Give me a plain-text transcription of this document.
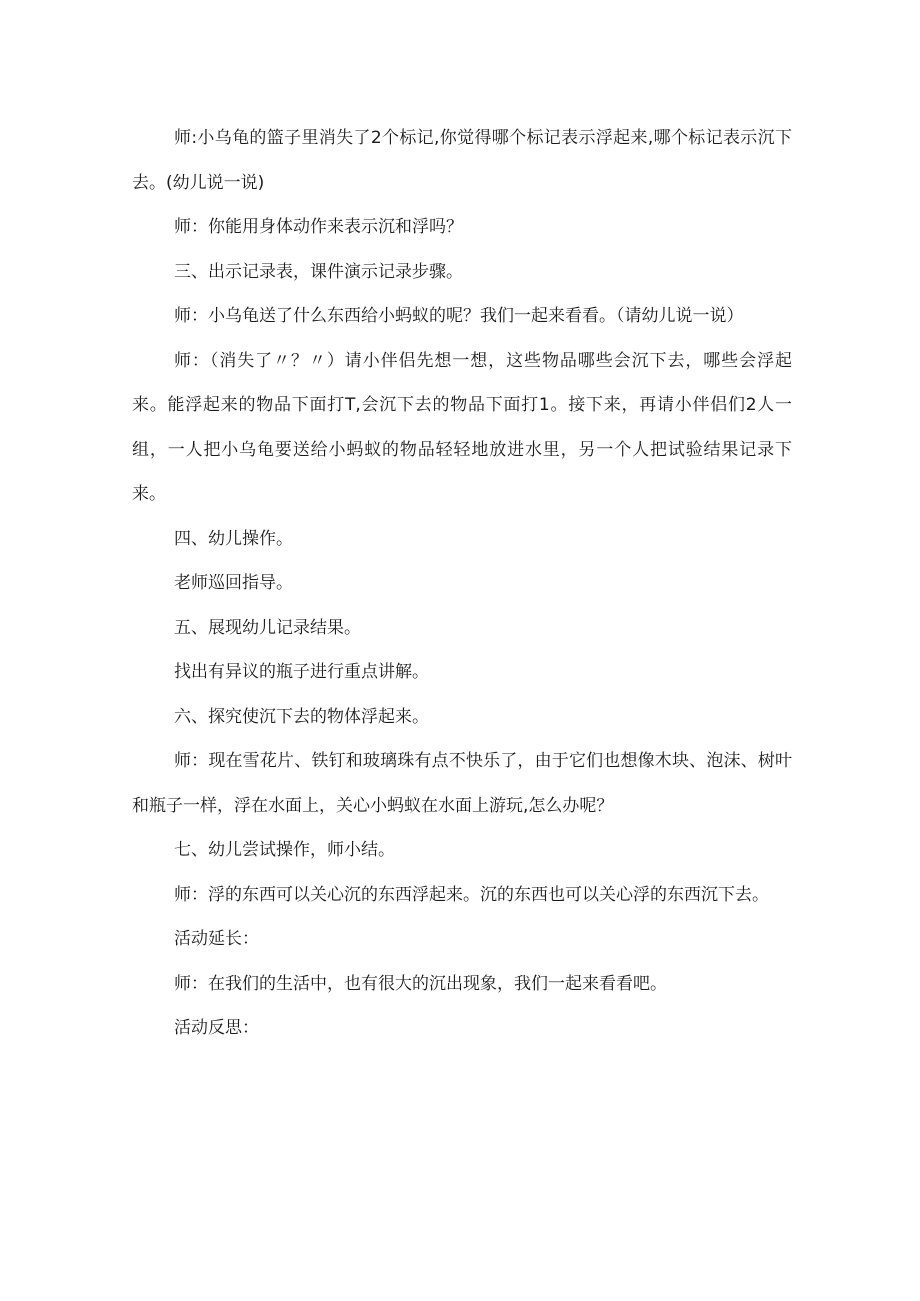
师:小乌龟的篮子里消失了2个标记,你觉得哪个标记表示浮起来,哪个标记表示沉下去。(幼儿说一说)

师：你能用身体动作来表示沉和浮吗？

三、出示记录表，课件演示记录步骤。

师：小乌龟送了什么东西给小蚂蚁的呢？我们一起来看看。（请幼儿说一说）

师：（消失了〃？〃）请小伴侣先想一想，这些物品哪些会沉下去，哪些会浮起来。能浮起来的物品下面打T,会沉下去的物品下面打1。接下来，再请小伴侣们2人一组，一人把小乌龟要送给小蚂蚁的物品轻轻地放进水里，另一个人把试验结果记录下来。

四、幼儿操作。

老师巡回指导。

五、展现幼儿记录结果。

找出有异议的瓶子进行重点讲解。

六、探究使沉下去的物体浮起来。

师：现在雪花片、铁钉和玻璃珠有点不快乐了，由于它们也想像木块、泡沫、树叶和瓶子一样，浮在水面上，关心小蚂蚁在水面上游玩,怎么办呢？

七、幼儿尝试操作，师小结。

师：浮的东西可以关心沉的东西浮起来。沉的东西也可以关心浮的东西沉下去。

活动延长：

师：在我们的生活中，也有很大的沉出现象，我们一起来看看吧。

活动反思：
